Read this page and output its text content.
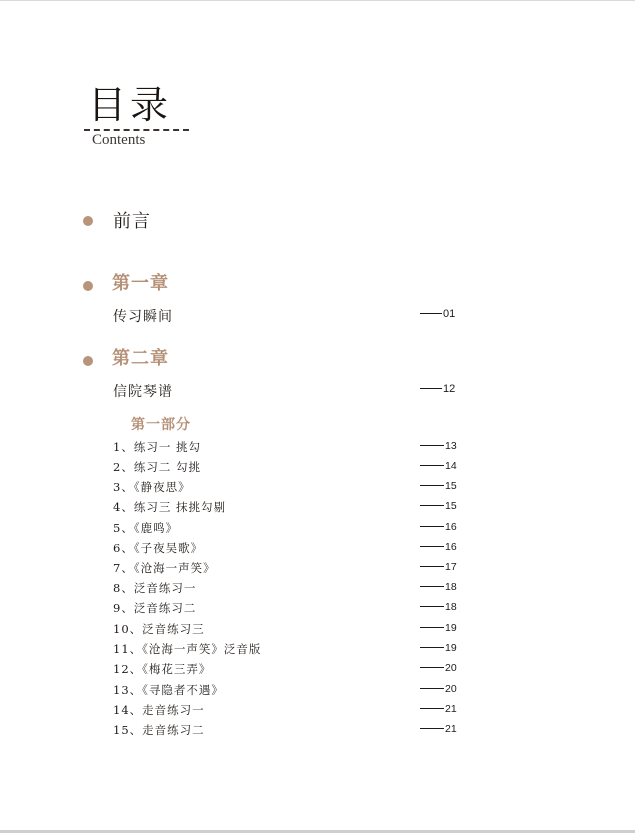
目录
Contents
前言
第一章
传习瞬间	01
第二章
信院琴谱	12
第一部分
1、练习一 挑勾	13
2、练习二 勾挑	14
3、《静夜思》	15
4、练习三 抹挑勾剔	15
5、《鹿鸣》	16
6、《子夜吴歌》	16
7、《沧海一声笑》	17
8、泛音练习一	18
9、泛音练习二	18
10、泛音练习三	19
11、《沧海一声笑》泛音版	19
12、《梅花三弄》	20
13、《寻隐者不遇》	20
14、走音练习一	21
15、走音练习二	21
